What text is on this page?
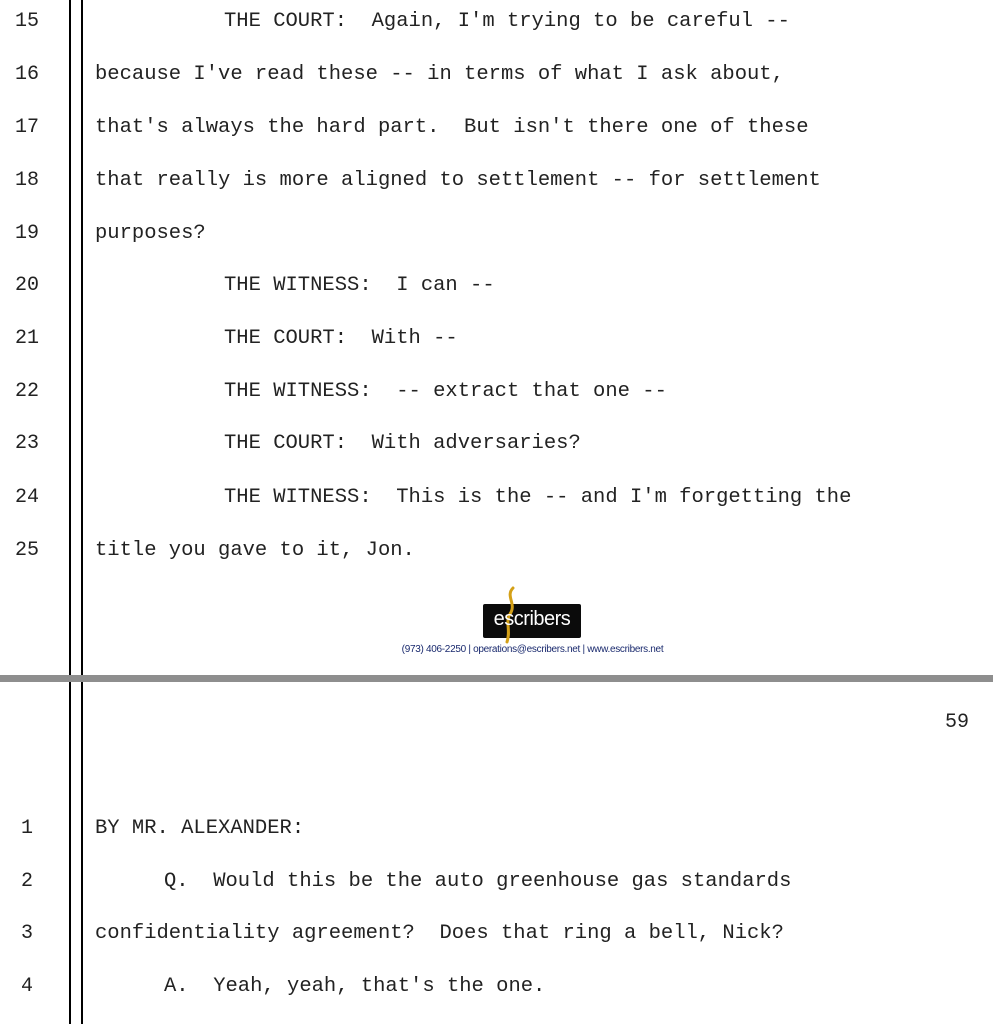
15	THE COURT:  Again, I'm trying to be careful --
16	because I've read these -- in terms of what I ask about,
17	that's always the hard part.  But isn't there one of these
18	that really is more aligned to settlement -- for settlement
19	purposes?
20	THE WITNESS:  I can --
21	THE COURT:  With --
22	THE WITNESS:  -- extract that one --
23	THE COURT:  With adversaries?
24	THE WITNESS:  This is the -- and I'm forgetting the
25	title you gave to it, Jon.
escribers
(973) 406-2250 | operations@escribers.net | www.escribers.net
59
1	BY MR. ALEXANDER:
2	Q.  Would this be the auto greenhouse gas standards
3	confidentiality agreement?  Does that ring a bell, Nick?
4	A.  Yeah, yeah, that's the one.
